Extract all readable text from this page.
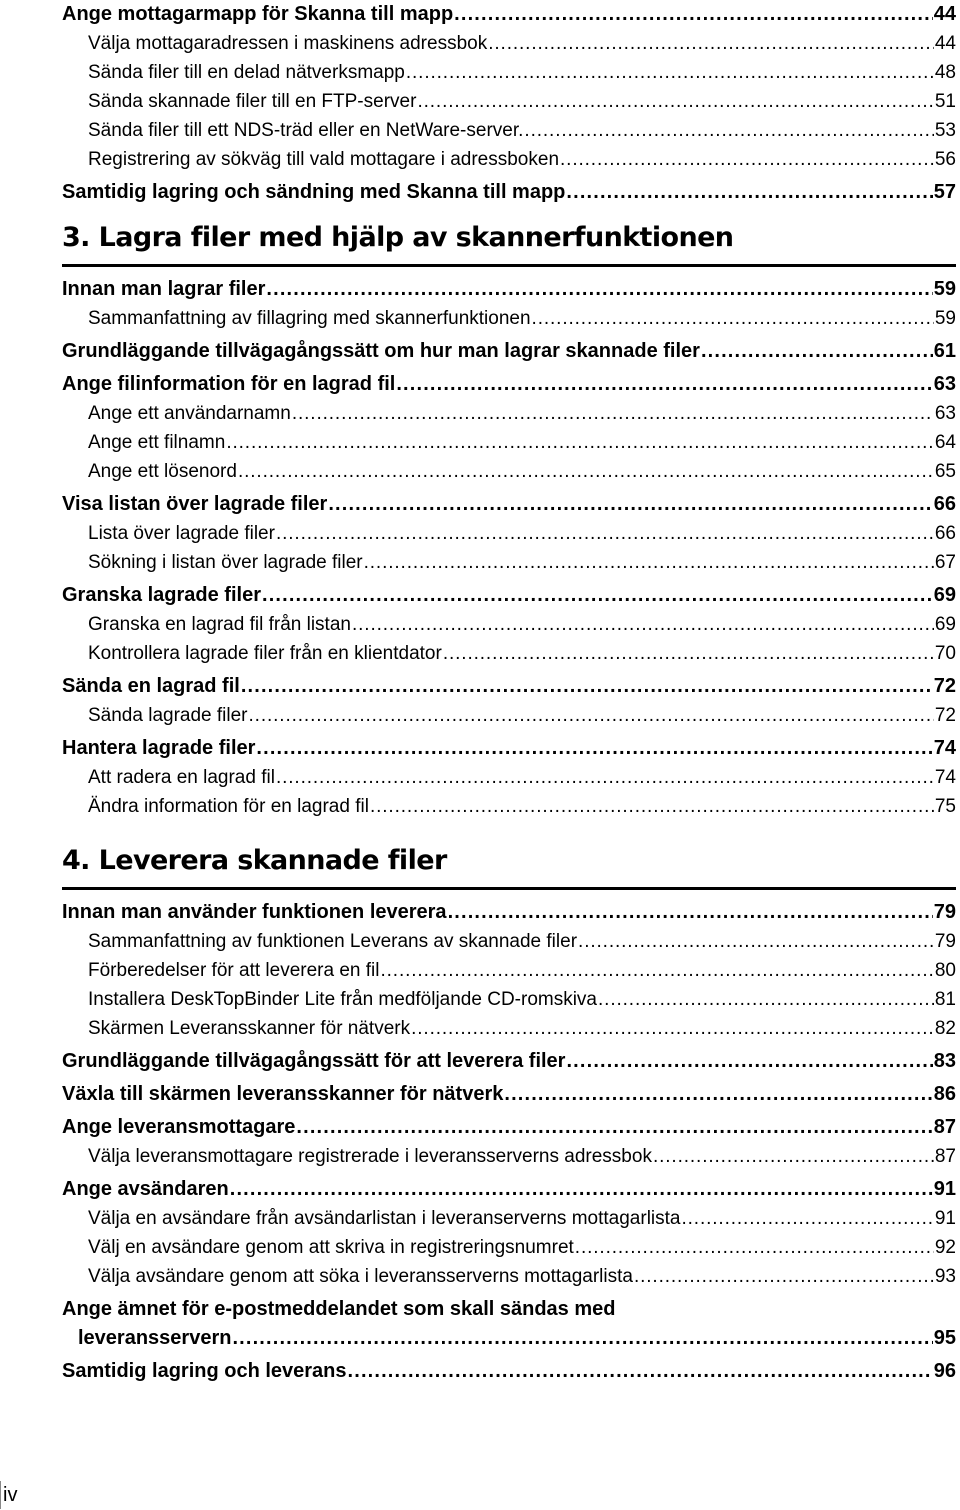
Ange mottagarmapp för Skanna till mapp . . .	44
Välja mottagaradressen i maskinens adressbok . . .	44
Sända filer till en delad nätverksmapp . . .	48
Sända skannade filer till en FTP-server . . .	51
Sända filer till ett NDS-träd eller en NetWare-server. . . .	53
Registrering av sökväg till vald mottagare i adressboken . . .	56
Samtidig lagring och sändning med Skanna till mapp . . .	57
3. Lagra filer med hjälp av skannerfunktionen
Innan man lagrar filer . . .	59
Sammanfattning av fillagring med skannerfunktionen . . .	59
Grundläggande tillvägagångssätt om hur man lagrar skannade filer . . .	61
Ange filinformation för en lagrad fil . . .	63
Ange ett användarnamn . . .	63
Ange ett filnamn . . .	64
Ange ett lösenord . . .	65
Visa listan över lagrade filer . . .	66
Lista över lagrade filer . . .	66
Sökning i listan över lagrade filer . . .	67
Granska lagrade filer . . .	69
Granska en lagrad fil från listan . . .	69
Kontrollera lagrade filer från en klientdator . . .	70
Sända en lagrad fil . . .	72
Sända lagrade filer . . .	72
Hantera lagrade filer . . .	74
Att radera en lagrad fil . . .	74
Ändra information för en lagrad fil . . .	75
4. Leverera skannade filer
Innan man använder funktionen leverera . . .	79
Sammanfattning av funktionen Leverans av skannade filer . . .	79
Förberedelser för att leverera en fil . . .	80
Installera DeskTopBinder Lite från medföljande CD-romskiva . . .	81
Skärmen Leveransskanner för nätverk . . .	82
Grundläggande tillvägagångssätt för att leverera filer . . .	83
Växla till skärmen leveransskanner för nätverk . . .	86
Ange leveransmottagare . . .	87
Välja leveransmottagare registrerade i leveransserverns adressbok . . .	87
Ange avsändaren . . .	91
Välja en avsändare från avsändarlistan i leveranserverns mottagarlista . . .	91
Välj en avsändare genom att skriva in registreringsnumret . . .	92
Välja avsändare genom att söka i leveransserverns mottagarlista . . .	93
Ange ämnet för e-postmeddelandet som skall sändas med
leveransservern . . .	95
Samtidig lagring och leverans . . .	96
iv
